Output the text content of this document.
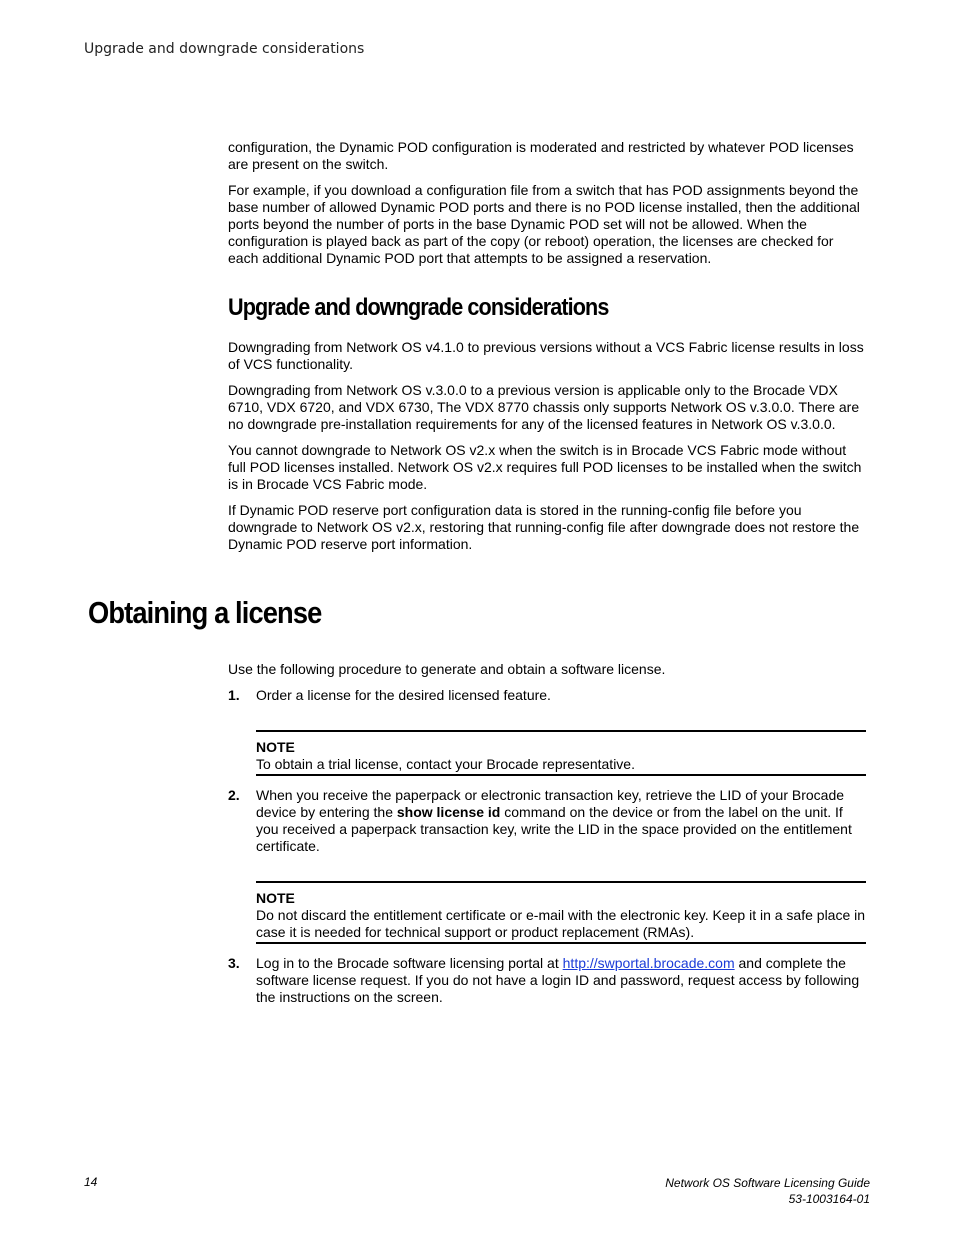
Upgrade and downgrade considerations

configuration, the Dynamic POD configuration is moderated and restricted by whatever POD licenses are present on the switch.

For example, if you download a configuration file from a switch that has POD assignments beyond the base number of allowed Dynamic POD ports and there is no POD license installed, then the additional ports beyond the number of ports in the base Dynamic POD set will not be allowed. When the configuration is played back as part of the copy (or reboot) operation, the licenses are checked for each additional Dynamic POD port that attempts to be assigned a reservation.

Upgrade and downgrade considerations

Downgrading from Network OS v4.1.0 to previous versions without a VCS Fabric license results in loss of VCS functionality.

Downgrading from Network OS v.3.0.0 to a previous version is applicable only to the Brocade VDX 6710, VDX 6720, and VDX 6730, The VDX 8770 chassis only supports Network OS v.3.0.0. There are no downgrade pre-installation requirements for any of the licensed features in Network OS v.3.0.0.

You cannot downgrade to Network OS v2.x when the switch is in Brocade VCS Fabric mode without full POD licenses installed. Network OS v2.x requires full POD licenses to be installed when the switch is in Brocade VCS Fabric mode.

If Dynamic POD reserve port configuration data is stored in the running-config file before you downgrade to Network OS v2.x, restoring that running-config file after downgrade does not restore the Dynamic POD reserve port information.

Obtaining a license

Use the following procedure to generate and obtain a software license.

1. Order a license for the desired licensed feature.
NOTE
To obtain a trial license, contact your Brocade representative.
2. When you receive the paperpack or electronic transaction key, retrieve the LID of your Brocade device by entering the show license id command on the device or from the label on the unit. If you received a paperpack transaction key, write the LID in the space provided on the entitlement certificate.
NOTE
Do not discard the entitlement certificate or e-mail with the electronic key. Keep it in a safe place in case it is needed for technical support or product replacement (RMAs).
3. Log in to the Brocade software licensing portal at http://swportal.brocade.com and complete the software license request. If you do not have a login ID and password, request access by following the instructions on the screen.
14	Network OS Software Licensing Guide
53-1003164-01
